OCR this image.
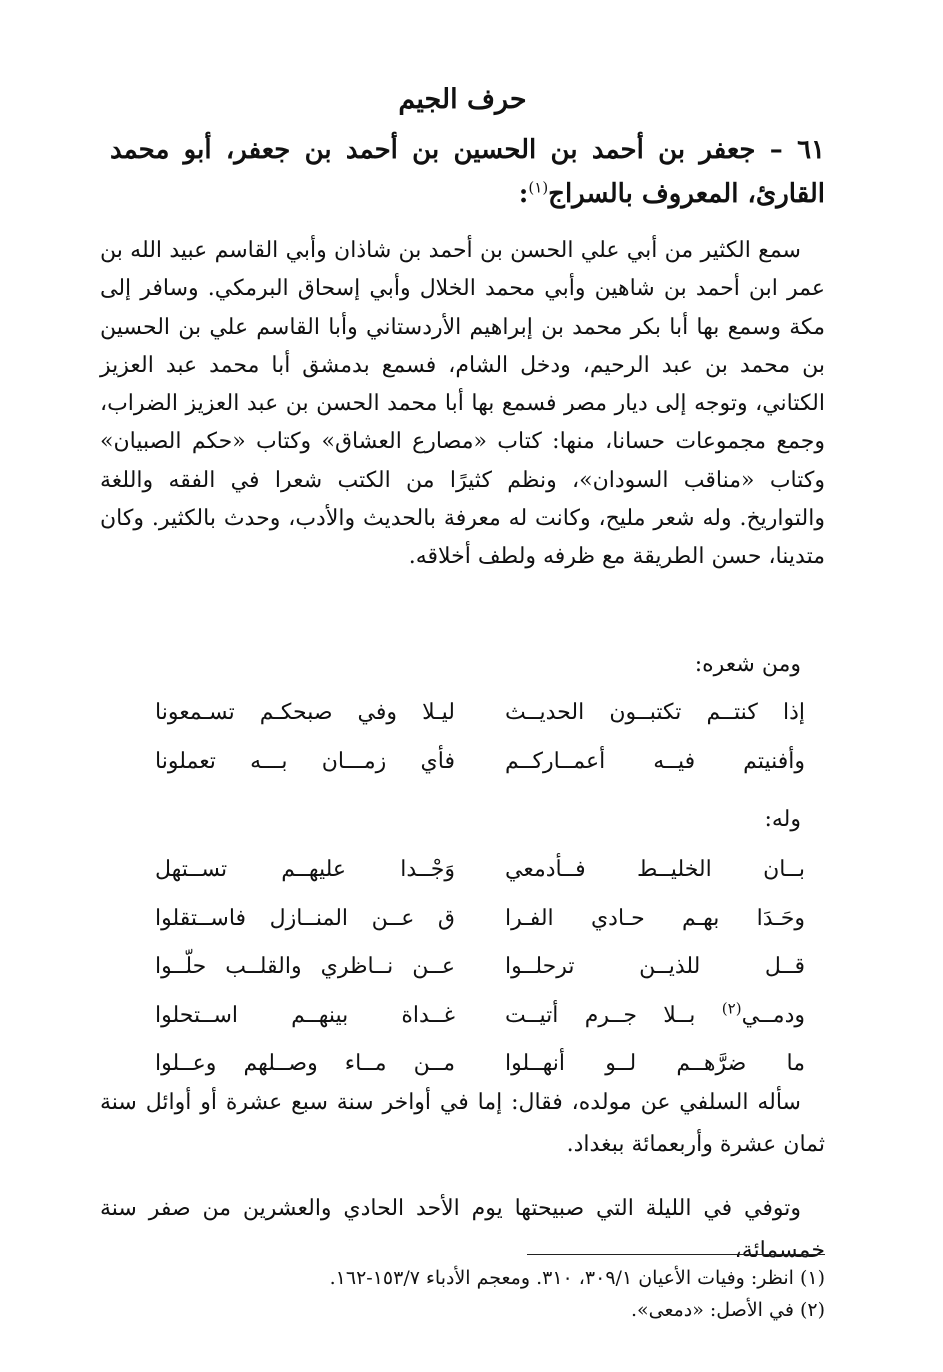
حرف الجيم
٦١ – جعفر بن أحمد بن الحسين بن أحمد بن جعفر، أبو محمد القارئ، المعروف بالسراج$^{(١)}$:

سمع الكثير من أبي علي الحسن بن أحمد بن شاذان وأبي القاسم عبيد الله بن عمر ابن أحمد بن شاهين وأبي محمد الخلال وأبي إسحاق البرمكي. وسافر إلى مكة وسمع بها أبا بكر محمد بن إبراهيم الأردستاني وأبا القاسم علي بن الحسين بن محمد بن عبد الرحيم، ودخل الشام، فسمع بدمشق أبا محمد عبد العزيز الكتاني، وتوجه إلى ديار مصر فسمع بها أبا محمد الحسن بن عبد العزيز الضراب، وجمع مجموعات حسانا، منها: كتاب «مصارع العشاق» وكتاب «حكم الصبيان» وكتاب «مناقب السودان»، ونظم كثيرًا من الكتب شعرا في الفقه واللغة والتواريخ. وله شعر مليح، وكانت له معرفة بالحديث والأدب، وحدث بالكثير. وكان متدينا، حسن الطريقة مع ظرفه ولطف أخلاقه.

ومن شعره:

إذا كنتــم تكتبــون الحديــث
ليـلا وفي صبحكـم تسـمعونا
وأفنيتم فيــه أعمــارکــم
فأي زمـــان بـــه تعملونا

وله:

بــان الخليــط فــأدمعي
وَجْــدا عليهــم تســتهل
وحَـدَا بهـم حـادي الفـرا
ق عــن المنــازل فاســتقلوا
قــل للذيــن ترحلــوا
عــن نــاظري والقلــب حلّــوا
ودمــي$^{(٢)}$ بــلا جــرم أتيــت
غــداة بينهــم اســتحلوا
ما ضرَّهــم لــو أنهــلوا
مــن مــاء وصــلهم وعــلوا

سأله السلفي عن مولده، فقال: إما في أواخر سنة سبع عشرة أو أوائل سنة ثمان عشرة وأربعمائة ببغداد.

وتوفي في الليلة التي صبيحتها يوم الأحد الحادي والعشرين من صفر سنة خمسمائة،

(١) انظر: وفيات الأعيان ٣٠٩/١، ٣١٠. ومعجم الأدباء ١٥٣/٧-١٦٢.
(٢) في الأصل: «دمعى».
